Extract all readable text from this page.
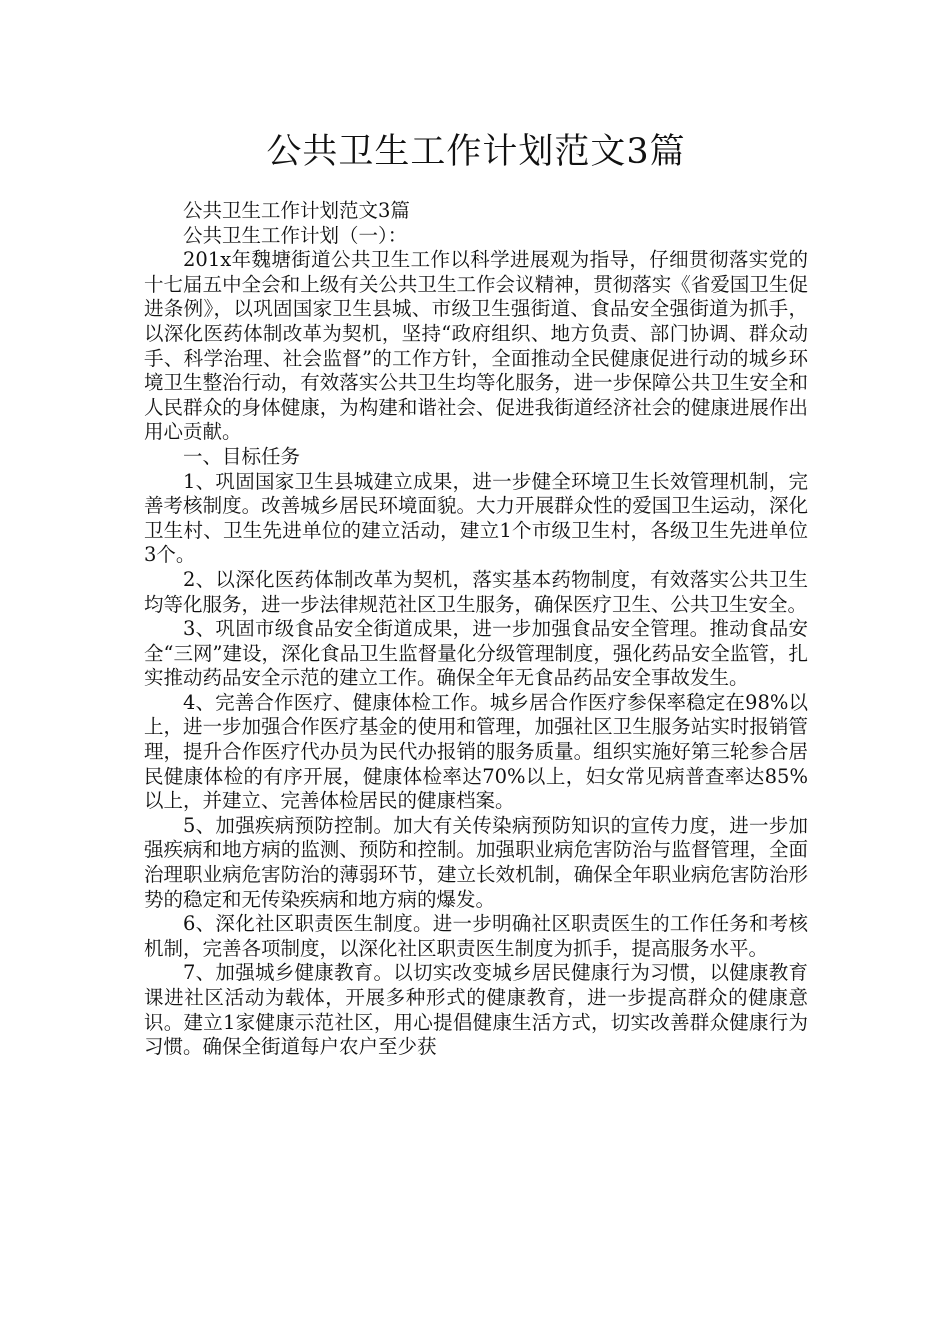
公共卫生工作计划范文3篇

公共卫生工作计划范文3篇

公共卫生工作计划（一）：

201x年魏塘街道公共卫生工作以科学进展观为指导，仔细贯彻落实党的十七届五中全会和上级有关公共卫生工作会议精神，贯彻落实《省爱国卫生促进条例》，以巩固国家卫生县城、市级卫生强街道、食品安全强街道为抓手，以深化医药体制改革为契机，坚持“政府组织、地方负责、部门协调、群众动手、科学治理、社会监督”的工作方针，全面推动全民健康促进行动的城乡环境卫生整治行动，有效落实公共卫生均等化服务，进一步保障公共卫生安全和人民群众的身体健康，为构建和谐社会、促进我街道经济社会的健康进展作出用心贡献。

一、目标任务

1、巩固国家卫生县城建立成果，进一步健全环境卫生长效管理机制，完善考核制度。改善城乡居民环境面貌。大力开展群众性的爱国卫生运动，深化卫生村、卫生先进单位的建立活动，建立1个市级卫生村，各级卫生先进单位3个。

2、以深化医药体制改革为契机，落实基本药物制度，有效落实公共卫生均等化服务，进一步法律规范社区卫生服务，确保医疗卫生、公共卫生安全。

3、巩固市级食品安全街道成果，进一步加强食品安全管理。推动食品安全“三网”建设，深化食品卫生监督量化分级管理制度，强化药品安全监管，扎实推动药品安全示范的建立工作。确保全年无食品药品安全事故发生。

4、完善合作医疗、健康体检工作。城乡居合作医疗参保率稳定在98%以上，进一步加强合作医疗基金的使用和管理，加强社区卫生服务站实时报销管理，提升合作医疗代办员为民代办报销的服务质量。组织实施好第三轮参合居民健康体检的有序开展，健康体检率达70%以上，妇女常见病普查率达85%以上，并建立、完善体检居民的健康档案。

5、加强疾病预防控制。加大有关传染病预防知识的宣传力度，进一步加强疾病和地方病的监测、预防和控制。加强职业病危害防治与监督管理，全面治理职业病危害防治的薄弱环节，建立长效机制，确保全年职业病危害防治形势的稳定和无传染疾病和地方病的爆发。

6、深化社区职责医生制度。进一步明确社区职责医生的工作任务和考核机制，完善各项制度，以深化社区职责医生制度为抓手，提高服务水平。

7、加强城乡健康教育。以切实改变城乡居民健康行为习惯，以健康教育课进社区活动为载体，开展多种形式的健康教育，进一步提高群众的健康意识。建立1家健康示范社区，用心提倡健康生活方式，切实改善群众健康行为习惯。确保全街道每户农户至少获
